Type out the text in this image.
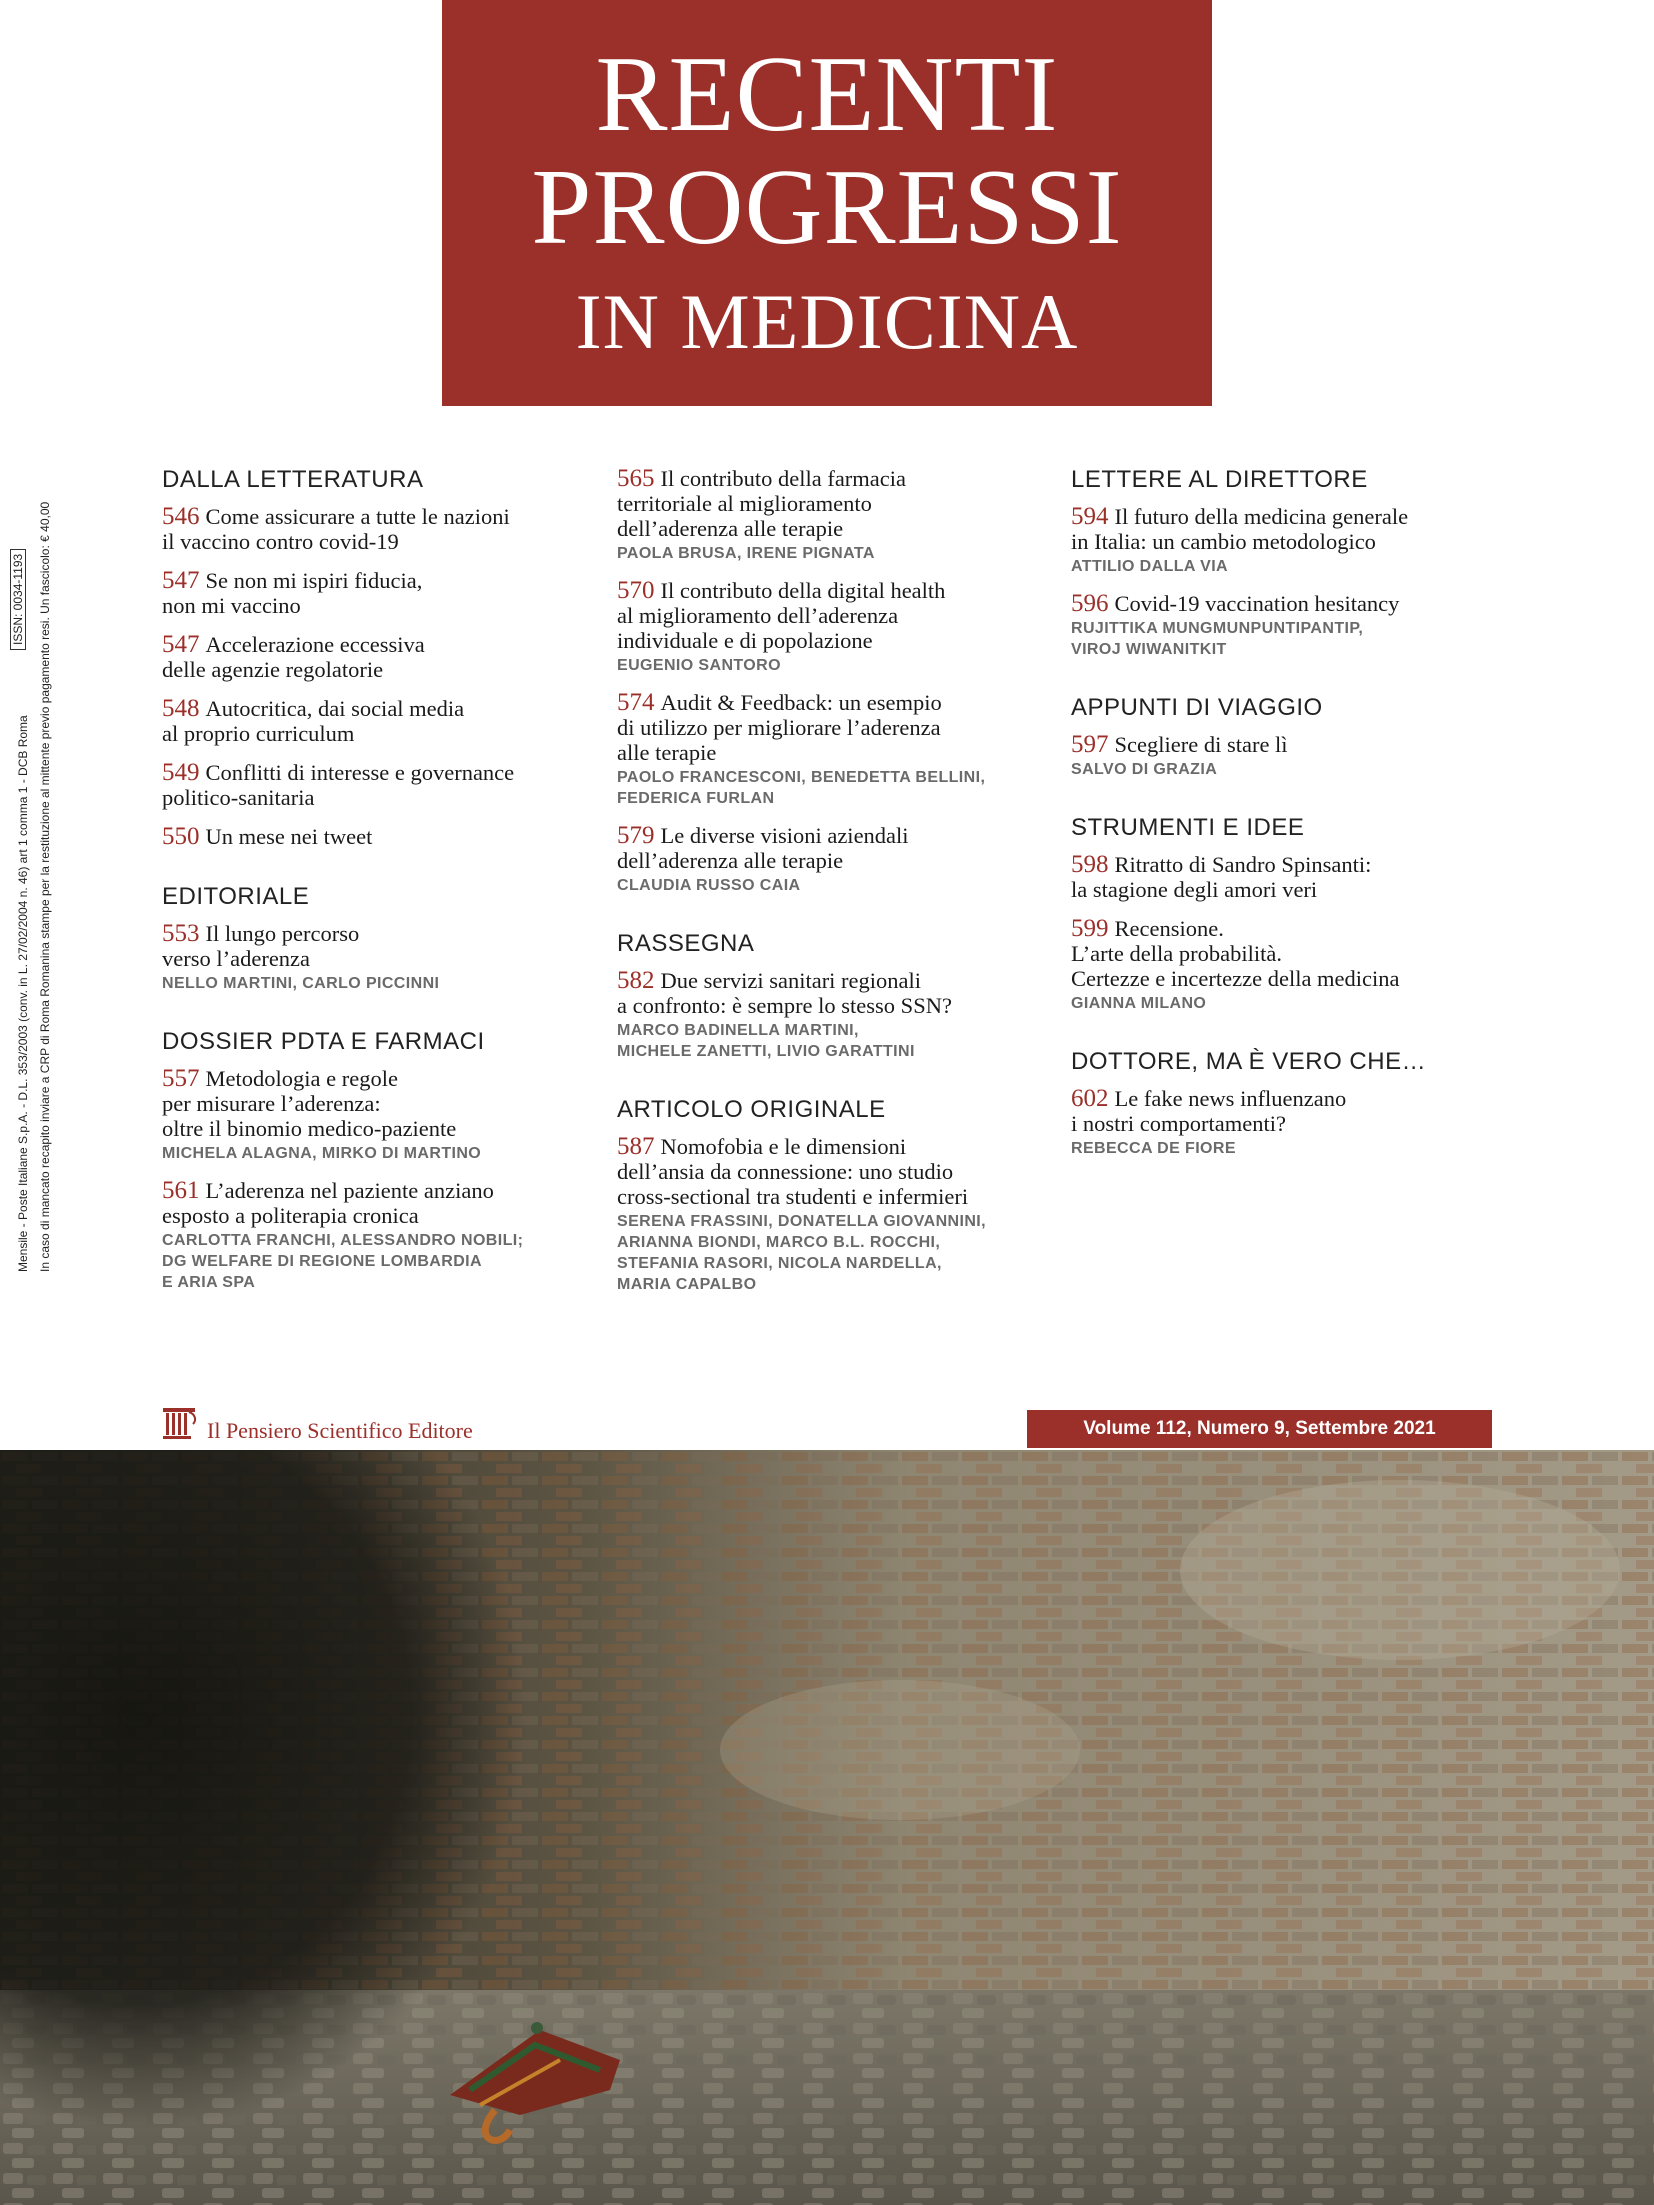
RECENTI
PROGRESSI
IN MEDICINA
Mensile - Poste Italiane S.p.A. - D.L. 353/2003 (conv. in L. 27/02/2004 n. 46) art 1 comma 1 - DCB Roma
ISSN: 0034-1193 In caso di mancato recapito inviare a CRP di Roma Romanina stampe per la restituzione al mittente previo pagamento resi. Un fascicolo: € 40,00
DALLA LETTERATURA
546 Come assicurare a tutte le nazioni
il vaccino contro covid-19
547 Se non mi ispiri fiducia,
non mi vaccino
547 Accelerazione eccessiva
delle agenzie regolatorie
548 Autocritica, dai social media
al proprio curriculum
549 Conflitti di interesse e governance
politico-sanitaria
550 Un mese nei tweet
EDITORIALE
553 Il lungo percorso
verso l’aderenza
NELLO MARTINI, CARLO PICCINNI
DOSSIER PDTA E FARMACI
557 Metodologia e regole
per misurare l’aderenza:
oltre il binomio medico-paziente
MICHELA ALAGNA, MIRKO DI MARTINO
561 L’aderenza nel paziente anziano
esposto a politerapia cronica
CARLOTTA FRANCHI, ALESSANDRO NOBILI;
DG WELFARE DI REGIONE LOMBARDIA
E ARIA SPA
565 Il contributo della farmacia
territoriale al miglioramento
dell’aderenza alle terapie
PAOLA BRUSA, IRENE PIGNATA
570 Il contributo della digital health
al miglioramento dell’aderenza
individuale e di popolazione
EUGENIO SANTORO
574 Audit & Feedback: un esempio
di utilizzo per migliorare l’aderenza
alle terapie
PAOLO FRANCESCONI, BENEDETTA BELLINI,
FEDERICA FURLAN
579 Le diverse visioni aziendali
dell’aderenza alle terapie
CLAUDIA RUSSO CAIA
RASSEGNA
582 Due servizi sanitari regionali
a confronto: è sempre lo stesso SSN?
MARCO BADINELLA MARTINI,
MICHELE ZANETTI, LIVIO GARATTINI
ARTICOLO ORIGINALE
587 Nomofobia e le dimensioni
dell’ansia da connessione: uno studio
cross-sectional tra studenti e infermieri
SERENA FRASSINI, DONATELLA GIOVANNINI,
ARIANNA BIONDI, MARCO B.L. ROCCHI,
STEFANIA RASORI, NICOLA NARDELLA,
MARIA CAPALBO
LETTERE AL DIRETTORE
594 Il futuro della medicina generale
in Italia: un cambio metodologico
ATTILIO DALLA VIA
596 Covid-19 vaccination hesitancy
RUJITTIKA MUNGMUNPUNTIPANTIP,
VIROJ WIWANITKIT
APPUNTI DI VIAGGIO
597 Scegliere di stare lì
SALVO DI GRAZIA
STRUMENTI E IDEE
598 Ritratto di Sandro Spinsanti:
la stagione degli amori veri
599 Recensione.
L’arte della probabilità.
Certezze e incertezze della medicina
GIANNA MILANO
DOTTORE, MA È VERO CHE…
602 Le fake news influenzano
i nostri comportamenti?
REBECCA DE FIORE
Il Pensiero Scientifico Editore	Volume 112, Numero 9, Settembre 2021
